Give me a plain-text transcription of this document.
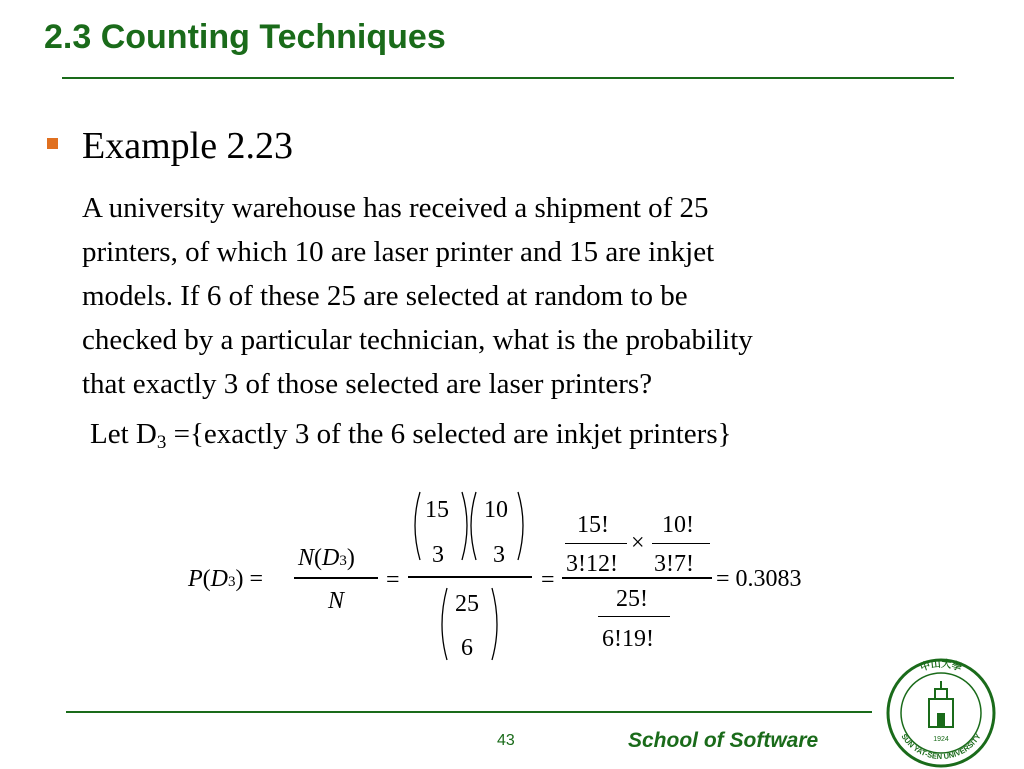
2.3 Counting Techniques
Example 2.23
A university warehouse has received a shipment of 25
printers, of which 10 are laser printer and 15 are inkjet
models. If 6 of these 25 are selected at random to be
checked by a particular technician, what is the probability
that exactly 3 of those selected are laser printers?
Let $D_3$ ={exactly 3 of the 6 selected are inkjet printers}
P(D3) =
N(D3)
N
=
15
3
10
3
25
6
=
15!
3!12!
×
10!
3!7!
25!
6!19!
= 0.3083
43	School of Software
中山大學
SUN YAT-SEN UNIVERSITY
1924
